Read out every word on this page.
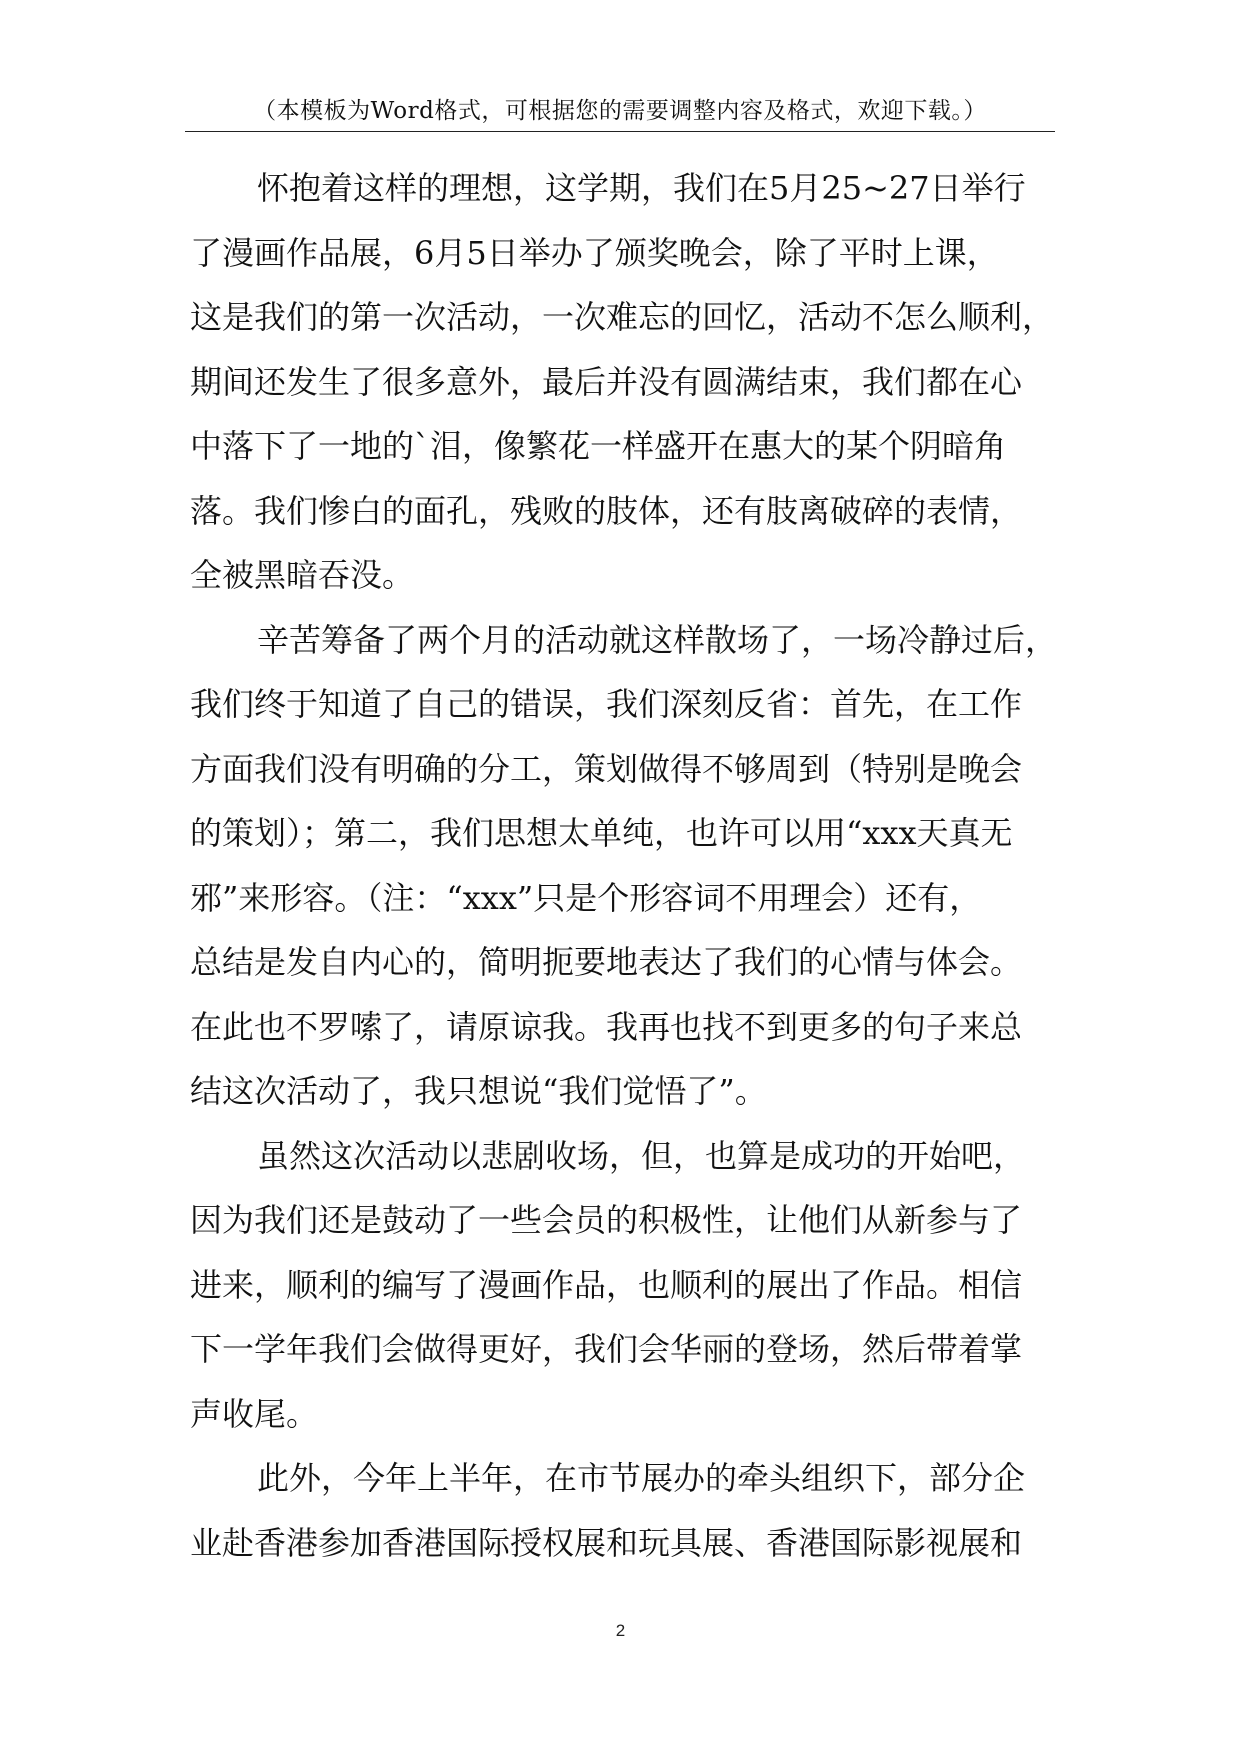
（本模板为Word格式，可根据您的需要调整内容及格式，欢迎下载。）
怀抱着这样的理想，这学期，我们在5月25~27日举行
了漫画作品展，6月5日举办了颁奖晚会，除了平时上课，
这是我们的第一次活动，一次难忘的回忆，活动不怎么顺利，
期间还发生了很多意外，最后并没有圆满结束，我们都在心
中落下了一地的`泪，像繁花一样盛开在惠大的某个阴暗角
落。我们惨白的面孔，残败的肢体，还有肢离破碎的表情，
全被黑暗吞没。
辛苦筹备了两个月的活动就这样散场了，一场冷静过后，
我们终于知道了自己的错误，我们深刻反省：首先，在工作
方面我们没有明确的分工，策划做得不够周到（特别是晚会
的策划）；第二，我们思想太单纯，也许可以用“xxx天真无
邪”来形容。（注：“xxx”只是个形容词不用理会）还有，
总结是发自内心的，简明扼要地表达了我们的心情与体会。
在此也不罗嗦了，请原谅我。我再也找不到更多的句子来总
结这次活动了，我只想说“我们觉悟了”。
虽然这次活动以悲剧收场，但，也算是成功的开始吧，
因为我们还是鼓动了一些会员的积极性，让他们从新参与了
进来，顺利的编写了漫画作品，也顺利的展出了作品。相信
下一学年我们会做得更好，我们会华丽的登场，然后带着掌
声收尾。
此外，今年上半年，在市节展办的牵头组织下，部分企
业赴香港参加香港国际授权展和玩具展、香港国际影视展和
2
